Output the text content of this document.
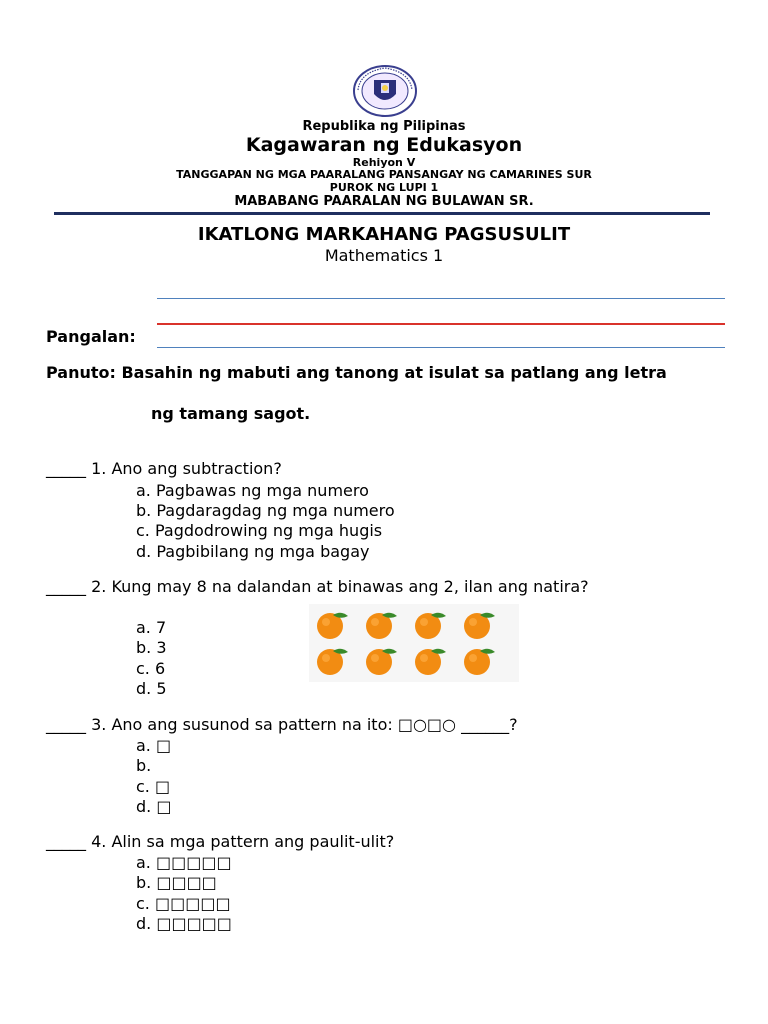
Republika ng Pilipinas
Kagawaran ng Edukasyon
Rehiyon V
TANGGAPAN NG MGA PAARALANG PANSANGAY NG CAMARINES SUR
PUROK NG LUPI 1
MABABANG PAARALAN NG BULAWAN SR.
IKATLONG MARKAHANG PAGSUSULIT
Mathematics 1
Pangalan:
Panuto: Basahin ng mabuti ang tanong at isulat sa patlang ang letra
ng tamang sagot.
_____ 1. Ano ang subtraction?
a. Pagbawas ng mga numero
b. Pagdaragdag ng mga numero
c. Pagdodrowing ng mga hugis
d. Pagbibilang ng mga bagay
_____ 2. Kung may 8 na dalandan at binawas ang 2, ilan ang natira?
a. 7
b. 3
c. 6
d. 5
_____ 3. Ano ang susunod sa pattern na ito: □○□○ ______?
a. □
b.
c. □
d. □
_____ 4. Alin sa mga pattern ang paulit-ulit?
a. □□□□□
b. □□□□
c. □□□□□
d. □□□□□
